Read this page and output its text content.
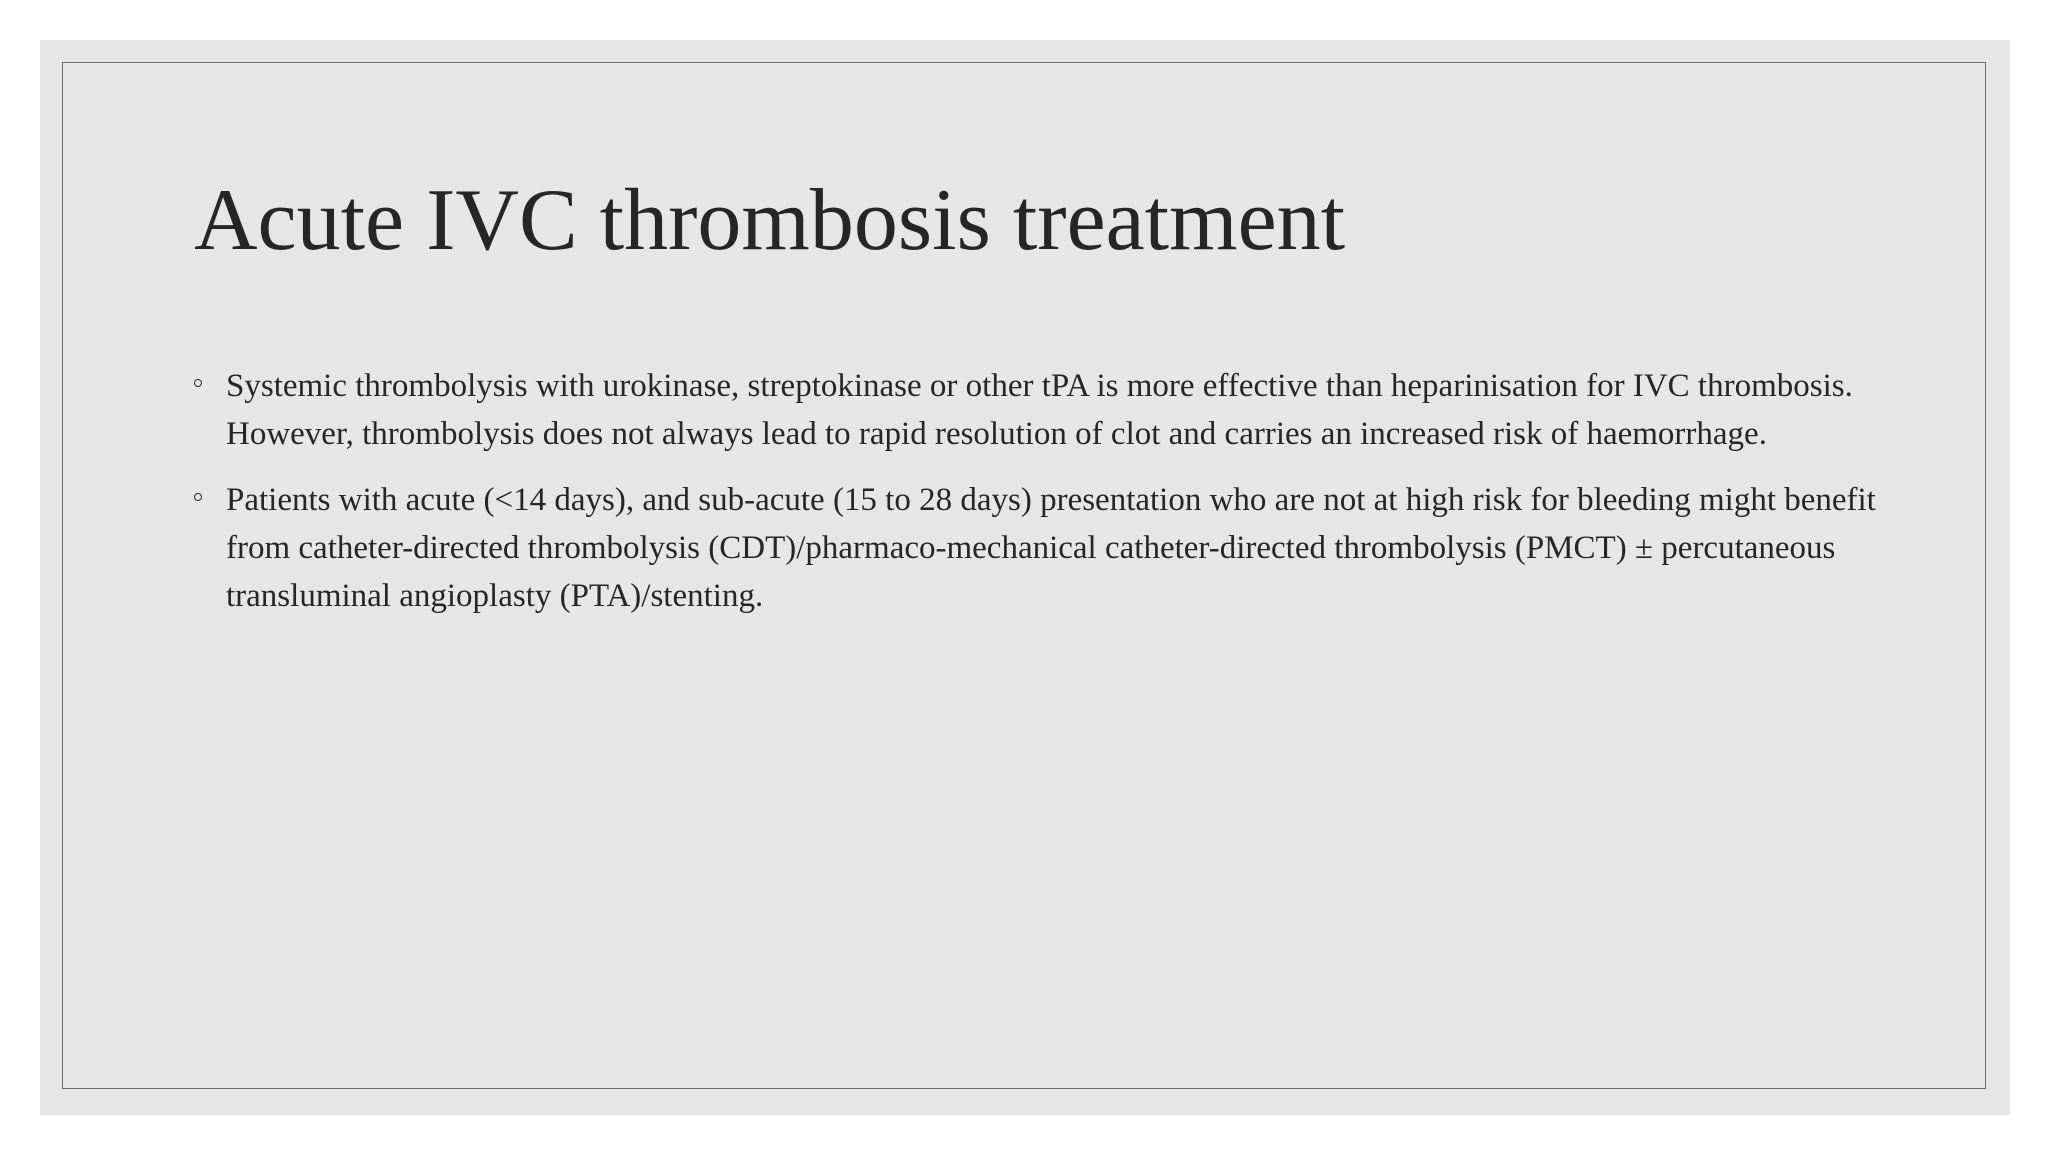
Acute IVC thrombosis treatment
Systemic thrombolysis with urokinase, streptokinase or other tPA is more effective than heparinisation for IVC thrombosis. However, thrombolysis does not always lead to rapid resolution of clot and carries an increased risk of haemorrhage.
Patients with acute (<14 days), and sub-acute (15 to 28 days) presentation who are not at high risk for bleeding might benefit from catheter-directed thrombolysis (CDT)/pharmaco-mechanical catheter-directed thrombolysis (PMCT) ± percutaneous transluminal angioplasty (PTA)/stenting.
